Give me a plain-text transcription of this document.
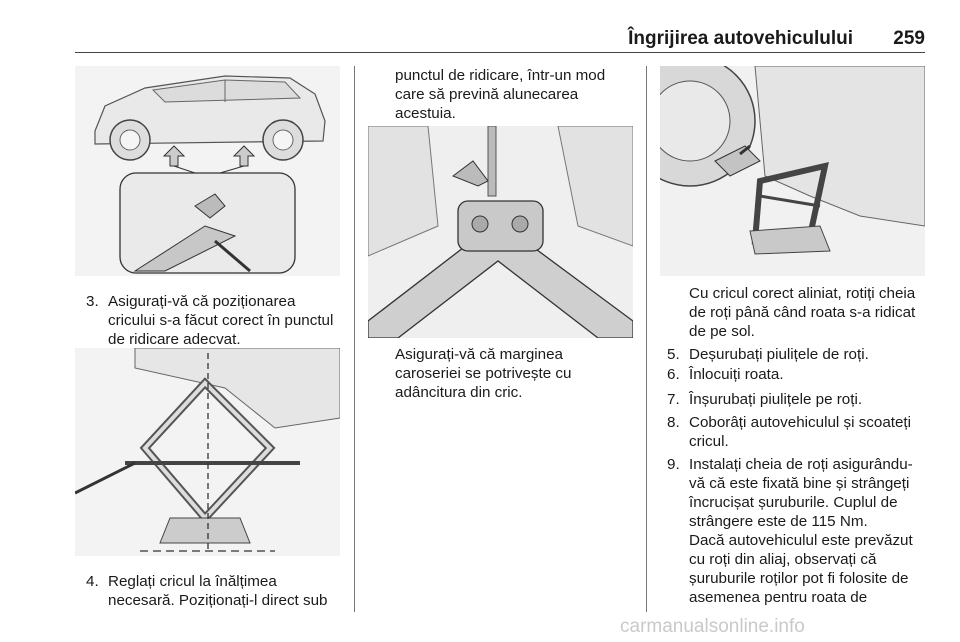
Îngrijirea autovehiculului 259
3. Asigurați-vă că poziționarea
cricului s-a făcut corect în punctul
de ridicare adecvat.
4. Reglați cricul la înălțimea
necesară. Poziționați-l direct sub
punctul de ridicare, într-un mod
care să prevină alunecarea
acestuia.
Asigurați-vă că marginea
caroseriei se potrivește cu
adâncitura din cric.
Cu cricul corect aliniat, rotiți cheia
de roți până când roata s-a ridicat
de pe sol.
5. Deșurubați piulițele de roți.
6. Înlocuiți roata.
7. Înșurubați piulițele pe roți.
8. Coborâți autovehiculul și scoateți
cricul.
9. Instalați cheia de roți asigurându-
vă că este fixată bine și strângeți
încrucișat șuruburile. Cuplul de
strângere este de 115 Nm.
Dacă autovehiculul este prevăzut
cu roți din aliaj, observați că
șuruburile roților pot fi folosite de
asemenea pentru roata de
carmanualsonline.info
